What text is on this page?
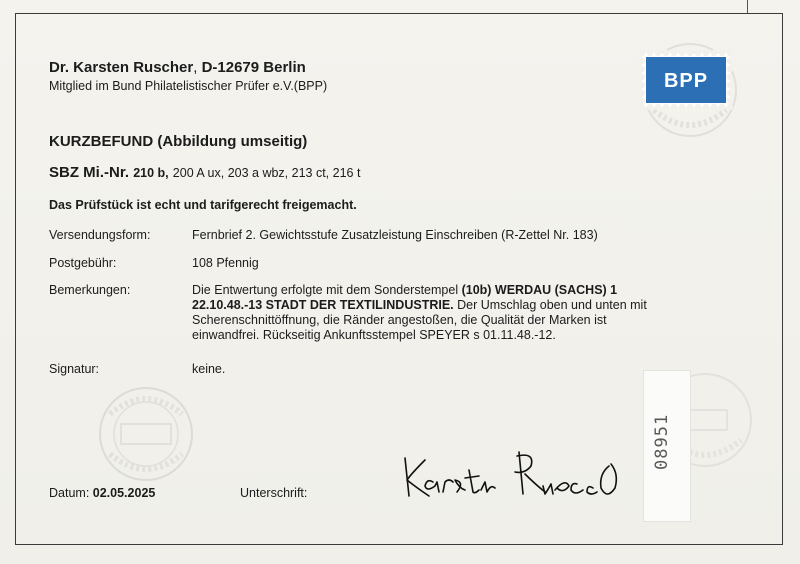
BPP
Dr. Karsten Ruscher, D-12679 Berlin
Mitglied im Bund Philatelistischer Prüfer e.V.(BPP)
KURZBEFUND (Abbildung umseitig)
SBZ Mi.-Nr. 210 b, 200 A ux, 203 a wbz, 213 ct, 216 t
Das Prüfstück ist echt und tarifgerecht freigemacht.
Versendungsform:	Fernbrief 2. Gewichtsstufe Zusatzleistung Einschreiben (R-Zettel Nr. 183)
Postgebühr:	108 Pfennig
Bemerkungen:	Die Entwertung erfolgte mit dem Sonderstempel (10b) WERDAU (SACHS) 1 22.10.48.-13 STADT DER TEXTILINDUSTRIE. Der Umschlag oben und unten mit Scherenschnittöffnung, die Ränder angestoßen, die Qualität der Marken ist einwandfrei. Rückseitig Ankunftsstempel SPEYER s 01.11.48.-12.
Signatur:	keine.
08951
Datum: 02.05.2025	Unterschrift:
